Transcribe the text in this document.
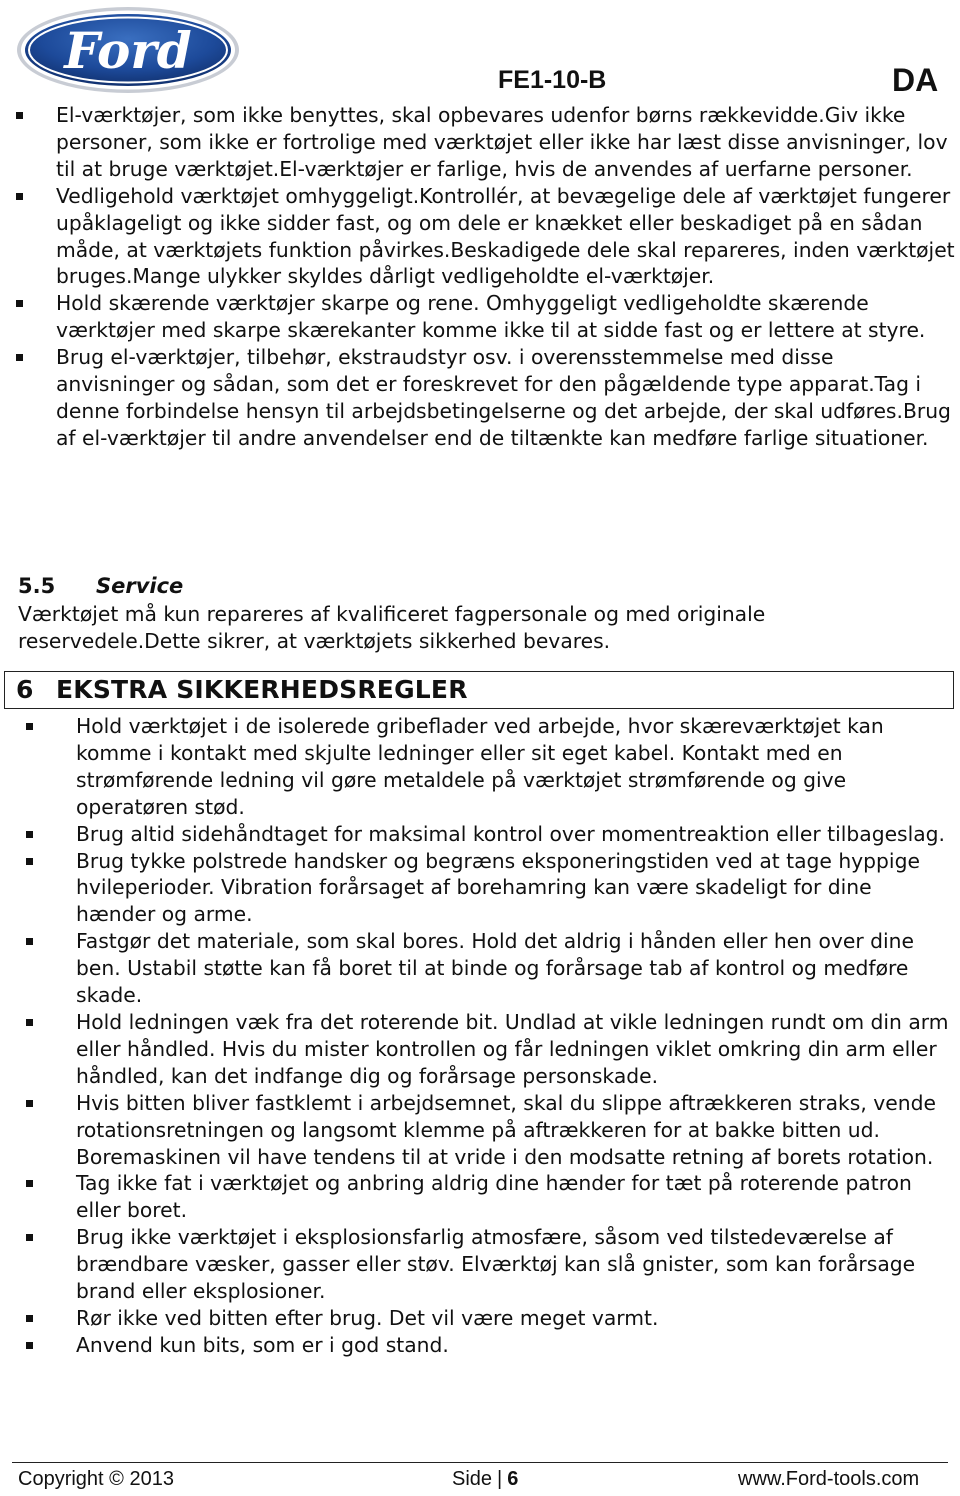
Ford	FE1-10-B	DA
El-værktøjer, som ikke benyttes, skal opbevares udenfor børns rækkevidde.Giv ikke personer, som ikke er fortrolige med værktøjet eller ikke har læst disse anvisninger, lov til at bruge værktøjet.El-værktøjer er farlige, hvis de anvendes af uerfarne personer.
Vedligehold værktøjet omhyggeligt.Kontrollér, at bevægelige dele af værktøjet fungerer upåklageligt og ikke sidder fast, og om dele er knækket eller beskadiget på en sådan måde, at værktøjets funktion påvirkes.Beskadigede dele skal repareres, inden værktøjet bruges.Mange ulykker skyldes dårligt vedligeholdte el-værktøjer.
Hold skærende værktøjer skarpe og rene. Omhyggeligt vedligeholdte skærende værktøjer med skarpe skærekanter komme ikke til at sidde fast og er lettere at styre.
Brug el-værktøjer, tilbehør, ekstraudstyr osv. i overensstemmelse med disse anvisninger og sådan, som det er foreskrevet for den pågældende type apparat.Tag i denne forbindelse hensyn til arbejdsbetingelserne og det arbejde, der skal udføres.Brug af el-værktøjer til andre anvendelser end de tiltænkte kan medføre farlige situationer.
5.5 Service
Værktøjet må kun repareres af kvalificeret fagpersonale og med originale reservedele.Dette sikrer, at værktøjets sikkerhed bevares.
6 EKSTRA SIKKERHEDSREGLER
Hold værktøjet i de isolerede gribeflader ved arbejde, hvor skæreværktøjet kan komme i kontakt med skjulte ledninger eller sit eget kabel. Kontakt med en strømførende ledning vil gøre metaldele på værktøjet strømførende og give operatøren stød.
Brug altid sidehåndtaget for maksimal kontrol over momentreaktion eller tilbageslag.
Brug tykke polstrede handsker og begræns eksponeringstiden ved at tage hyppige hvileperioder. Vibration forårsaget af borehamring kan være skadeligt for dine hænder og arme.
Fastgør det materiale, som skal bores. Hold det aldrig i hånden eller hen over dine ben. Ustabil støtte kan få boret til at binde og forårsage tab af kontrol og medføre skade.
Hold ledningen væk fra det roterende bit. Undlad at vikle ledningen rundt om din arm eller håndled. Hvis du mister kontrollen og får ledningen viklet omkring din arm eller håndled, kan det indfange dig og forårsage personskade.
Hvis bitten bliver fastklemt i arbejdsemnet, skal du slippe aftrækkeren straks, vende rotationsretningen og langsomt klemme på aftrækkeren for at bakke bitten ud. Boremaskinen vil have tendens til at vride i den modsatte retning af borets rotation.
Tag ikke fat i værktøjet og anbring aldrig dine hænder for tæt på roterende patron eller boret.
Brug ikke værktøjet i eksplosionsfarlig atmosfære, såsom ved tilstedeværelse af brændbare væsker, gasser eller støv. Elværktøj kan slå gnister, som kan forårsage brand eller eksplosioner.
Rør ikke ved bitten efter brug. Det vil være meget varmt.
Anvend kun bits, som er i god stand.
Copyright © 2013	Side | 6	www.Ford-tools.com
